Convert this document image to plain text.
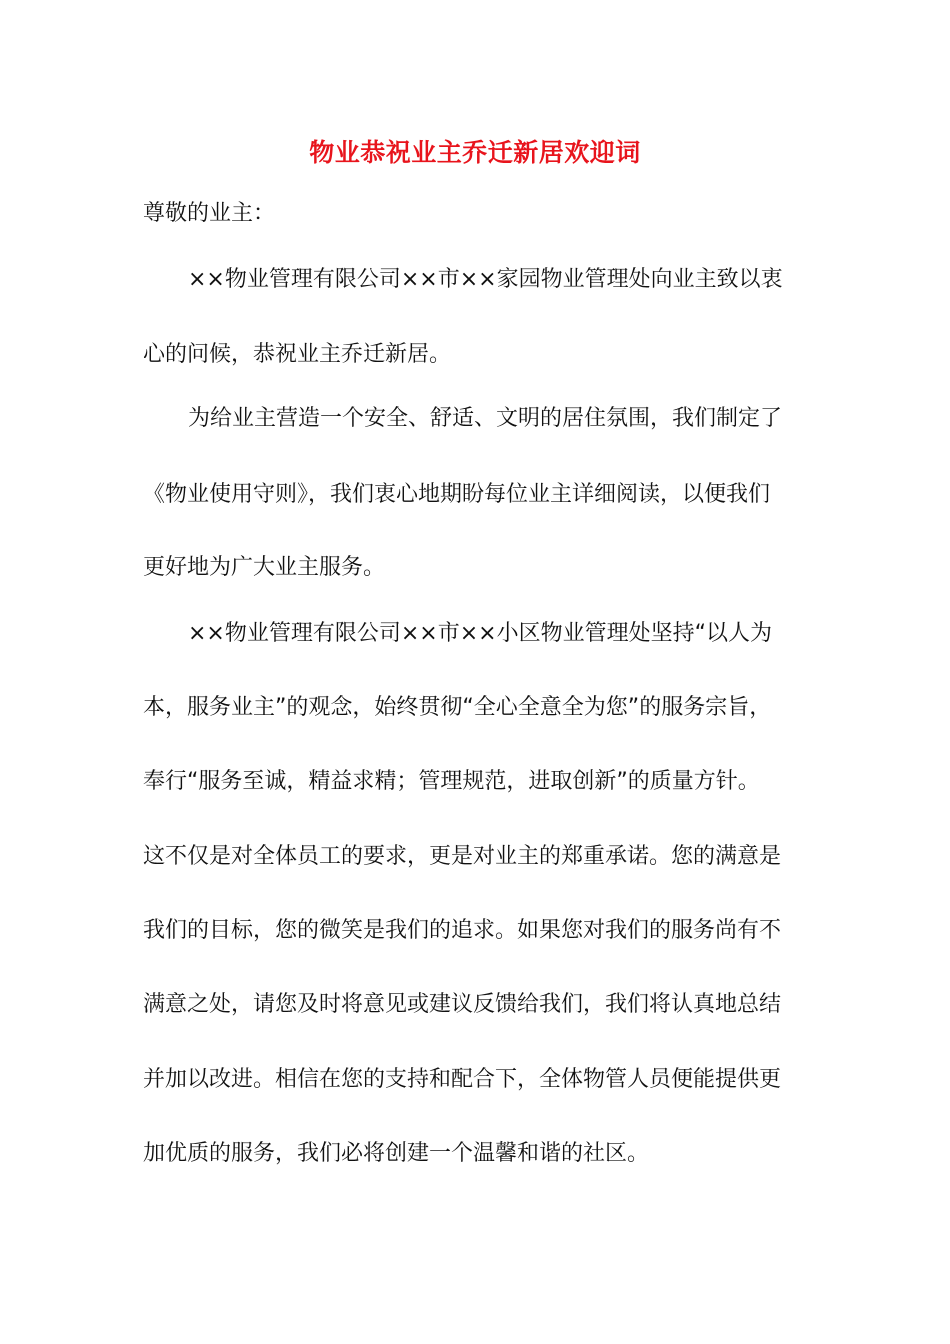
物业恭祝业主乔迁新居欢迎词
尊敬的业主：
××物业管理有限公司××市××家园物业管理处向业主致以衷
心的问候，恭祝业主乔迁新居。
为给业主营造一个安全、舒适、文明的居住氛围，我们制定了
《物业使用守则》，我们衷心地期盼每位业主详细阅读，以便我们
更好地为广大业主服务。
××物业管理有限公司××市××小区物业管理处坚持“以人为
本，服务业主”的观念，始终贯彻“全心全意全为您”的服务宗旨，
奉行“服务至诚，精益求精；管理规范，进取创新”的质量方针。
这不仅是对全体员工的要求，更是对业主的郑重承诺。您的满意是
我们的目标，您的微笑是我们的追求。如果您对我们的服务尚有不
满意之处，请您及时将意见或建议反馈给我们，我们将认真地总结
并加以改进。相信在您的支持和配合下，全体物管人员便能提供更
加优质的服务，我们必将创建一个温馨和谐的社区。
